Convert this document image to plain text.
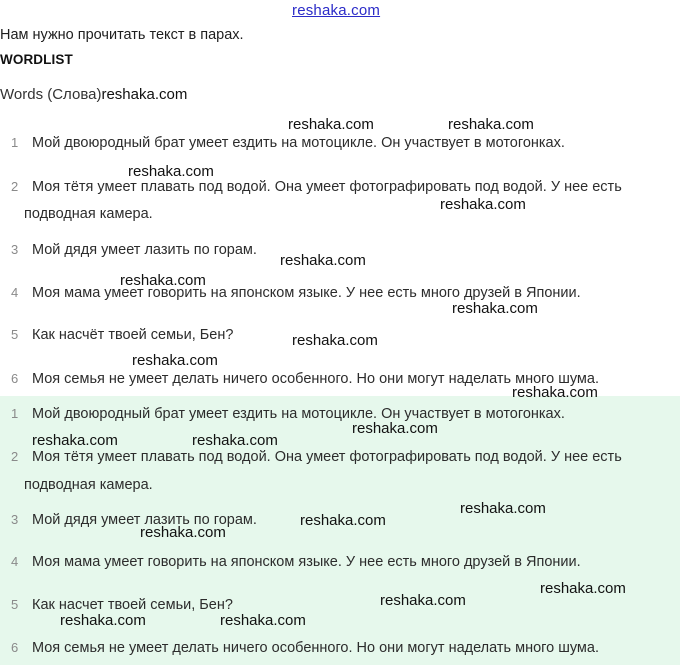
reshaka.com
Нам нужно прочитать текст в парах.
WORDLIST
Words (Слова)reshaka.com
1 Мой двоюродный брат умеет ездить на мотоцикле. Он участвует в мотогонках.
2 Моя тётя умеет плавать под водой. Она умеет фотографировать под водой. У нее есть
подводная камера.
3 Мой дядя умеет лазить по горам.
4 Моя мама умеет говорить на японском языке. У нее есть много друзей в Японии.
5 Как насчёт твоей семьи, Бен?
6 Моя семья не умеет делать ничего особенного. Но они могут наделать много шума.
1 Мой двоюродный брат умеет ездить на мотоцикле. Он участвует в мотогонках.
2 Моя тётя умеет плавать под водой. Она умеет фотографировать под водой. У нее есть
подводная камера.
3 Мой дядя умеет лазить по горам.
4 Моя мама умеет говорить на японском языке. У нее есть много друзей в Японии.
5 Как насчет твоей семьи, Бен?
6 Моя семья не умеет делать ничего особенного. Но они могут наделать много шума.
reshaka.com	reshaka.com
reshaka.com
reshaka.com
reshaka.com
reshaka.com
reshaka.com
reshaka.com
reshaka.com
reshaka.com
reshaka.com
reshaka.com	reshaka.com
reshaka.com
reshaka.com
reshaka.com
reshaka.com
reshaka.com
reshaka.com	reshaka.com
